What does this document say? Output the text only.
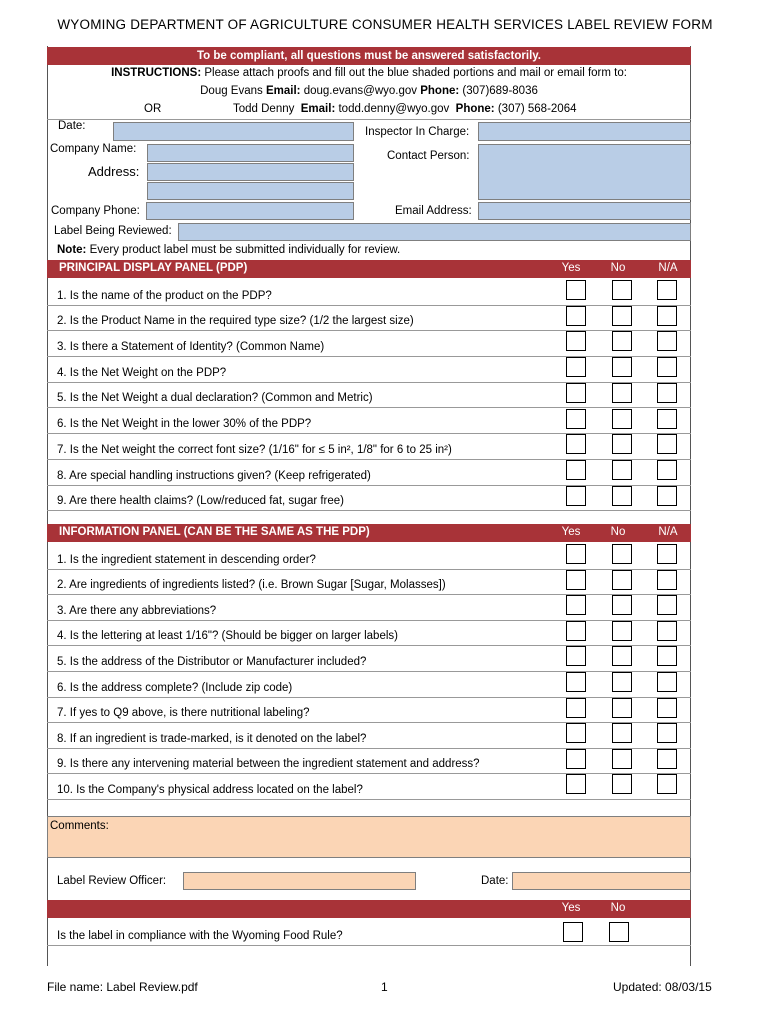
WYOMING DEPARTMENT OF AGRICULTURE CONSUMER HEALTH SERVICES LABEL REVIEW FORM
To be compliant, all questions must be answered satisfactorily.
INSTRUCTIONS: Please attach proofs and fill out the blue shaded portions and mail or email form to:
Doug Evans Email: doug.evans@wyo.gov Phone: (307)689-8036
OR	Todd Denny Email: todd.denny@wyo.gov Phone: (307) 568-2064
Date:	Inspector In Charge:
Company Name:
Contact Person:
Address:
Company Phone:	Email Address:
Label Being Reviewed:
Note: Every product label must be submitted individually for review.
PRINCIPAL DISPLAY PANEL (PDP)	Yes	No	N/A
1. Is the name of the product on the PDP?
2. Is the Product Name in the required type size? (1/2 the largest size)
3. Is there a Statement of Identity? (Common Name)
4. Is the Net Weight on the PDP?
5. Is the Net Weight a dual declaration? (Common and Metric)
6. Is the Net Weight in the lower 30% of the PDP?
7. Is the Net weight the correct font size? (1/16" for ≤ 5 in², 1/8" for 6 to 25 in²)
8. Are special handling instructions given? (Keep refrigerated)
9. Are there health claims? (Low/reduced fat, sugar free)
INFORMATION PANEL (CAN BE THE SAME AS THE PDP)	Yes	No	N/A
1. Is the ingredient statement in descending order?
2. Are ingredients of ingredients listed? (i.e. Brown Sugar [Sugar, Molasses])
3. Are there any abbreviations?
4. Is the lettering at least 1/16"? (Should be bigger on larger labels)
5. Is the address of the Distributor or Manufacturer included?
6. Is the address complete? (Include zip code)
7. If yes to Q9 above, is there nutritional labeling?
8. If an ingredient is trade-marked, is it denoted on the label?
9. Is there any intervening material between the ingredient statement and address?
10. Is the Company's physical address located on the label?
Comments:
Label Review Officer:	Date:
Yes	No
Is the label in compliance with the Wyoming Food Rule?
File name: Label Review.pdf	1	Updated: 08/03/15
